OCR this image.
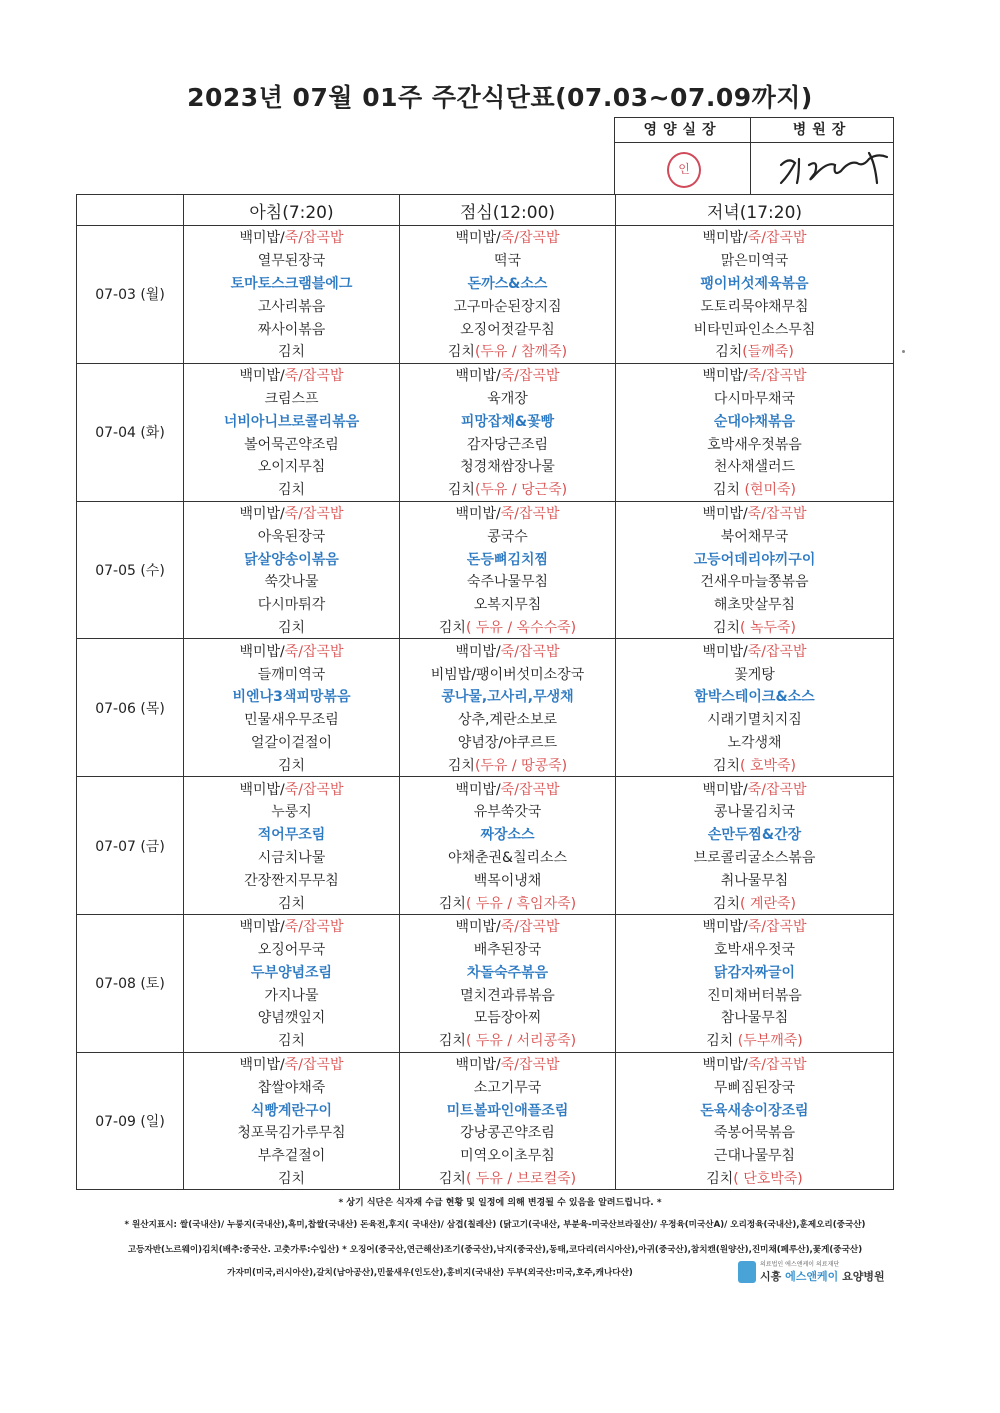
2023년 07월 01주 주간식단표(07.03~07.09까지)
영양실장	병원장
인
	아침(7:20)	점심(12:00)	저녁(17:20)
07-03 (월)	백미밥/죽/잡곡밥	백미밥/죽/잡곡밥	백미밥/죽/잡곡밥
	열무된장국	떡국	맑은미역국
	토마토스크램블에그	돈까스&소스	팽이버섯제육볶음
	고사리볶음	고구마순된장지짐	도토리묵야채무침
	짜사이볶음	오징어젓갈무침	비타민파인소스무침
	김치	김치(두유 / 참깨죽)	김치(들깨죽)
07-04 (화)	백미밥/죽/잡곡밥	백미밥/죽/잡곡밥	백미밥/죽/잡곡밥
	크림스프	육개장	다시마무채국
	너비아니브로콜리볶음	피망잡채&꽃빵	순대야채볶음
	볼어묵곤약조림	감자당근조림	호박새우젓볶음
	오이지무침	청경채쌈장나물	천사채샐러드
	김치	김치(두유 / 당근죽)	김치 (현미죽)
07-05 (수)	백미밥/죽/잡곡밥	백미밥/죽/잡곡밥	백미밥/죽/잡곡밥
	아욱된장국	콩국수	북어채무국
	닭살양송이볶음	돈등뼈김치찜	고등어데리야끼구이
	쑥갓나물	숙주나물무침	건새우마늘쫑볶음
	다시마튀각	오복지무침	해초맛살무침
	김치	김치( 두유 / 옥수수죽)	김치( 녹두죽)
07-06 (목)	백미밥/죽/잡곡밥	백미밥/죽/잡곡밥	백미밥/죽/잡곡밥
	들깨미역국	비빔밥/팽이버섯미소장국	꽃게탕
	비엔나3색피망볶음	콩나물,고사리,무생채	함박스테이크&소스
	민물새우무조림	상추,계란소보로	시래기멸치지짐
	얼갈이겉절이	양념장/야쿠르트	노각생채
	김치	김치(두유 / 땅콩죽)	김치( 호박죽)
07-07 (금)	백미밥/죽/잡곡밥	백미밥/죽/잡곡밥	백미밥/죽/잡곡밥
	누룽지	유부쑥갓국	콩나물김치국
	적어무조림	짜장소스	손만두찜&간장
	시금치나물	야채춘권&칠리소스	브로콜리굴소스볶음
	간장짠지무무침	백목이냉채	취나물무침
	김치	김치( 두유 / 흑임자죽)	김치( 계란죽)
07-08 (토)	백미밥/죽/잡곡밥	백미밥/죽/잡곡밥	백미밥/죽/잡곡밥
	오징어무국	배추된장국	호박새우젓국
	두부양념조림	차돌숙주볶음	닭감자짜글이
	가지나물	멸치견과류볶음	진미채버터볶음
	양념깻잎지	모듬장아찌	참나물무침
	김치	김치( 두유 / 서리콩죽)	김치 (두부깨죽)
07-09 (일)	백미밥/죽/잡곡밥	백미밥/죽/잡곡밥	백미밥/죽/잡곡밥
	찹쌀야채죽	소고기무국	무삐짐된장국
	식빵계란구이	미트볼파인애플조림	돈육새송이장조림
	청포묵김가루무침	강낭콩곤약조림	죽봉어묵볶음
	부추겉절이	미역오이초무침	근대나물무침
	김치	김치( 두유 / 브로컬죽)	김치( 단호박죽)
* 상기 식단은 식자재 수급 현황 및 일정에 의해 변경될 수 있음을 알려드립니다. *
* 원산지표시: 쌀(국내산)/ 누룽지(국내산),흑미,찹쌀(국내산) 돈육전,후지( 국내산)/ 삼겹(칠레산) (닭고기(국내산, 부분육-미국산브라질산)/ 우정육(미국산A)/ 오리정육(국내산),훈제오리(중국산)
고등자반(노르웨이)김치(배추:중국산. 고춧가루:수입산) * 오징어(중국산,연근해산)조기(중국산),낙지(중국산),동태,코다리(러시아산),아귀(중국산),참치캔(원양산),진미채(페루산),꽃게(중국산)
가자미(미국,러시아산),갈치(남아공산),민물새우(인도산),홍비지(국내산) 두부(외국산:미국,호주,캐나다산)
의료법인 에스앤케이 의료재단
시흥 에스앤케이 요양병원
